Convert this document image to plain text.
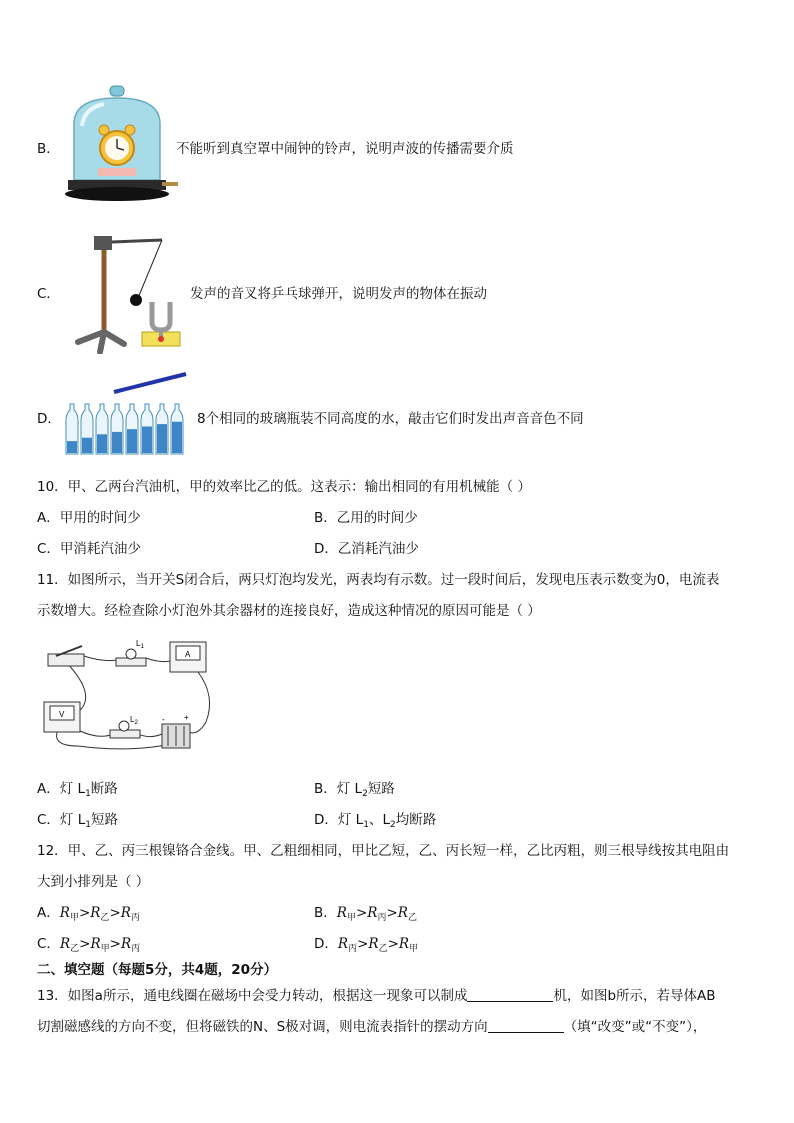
B．	不能听到真空罩中闹钟的铃声，说明声波的传播需要介质
C．	发声的音叉将乒乓球弹开，说明发声的物体在振动
D．	8个相同的玻璃瓶装不同高度的水，敲击它们时发出声音音色不同
10．甲、乙两台汽油机，甲的效率比乙的低。这表示：输出相同的有用机械能（ ）
A．甲用的时间少	B．乙用的时间少
C．甲消耗汽油少	D．乙消耗汽油少
11．如图所示，当开关S闭合后，两只灯泡均发光，两表均有示数。过一段时间后，发现电压表示数变为0，电流表
示数增大。经检查除小灯泡外其余器材的连接良好，造成这种情况的原因可能是（ ）
$L_1$
A
V
$L_2$	- +
A．灯 $L_1$断路	B．灯 $L_2$短路
C．灯 $L_1$短路	D．灯 $L_1$、$L_2$均断路
12．甲、乙、丙三根镍铬合金线。甲、乙粗细相同，甲比乙短，乙、丙长短一样，乙比丙粗，则三根导线按其电阻由
大到小排列是（ ）
A．$R_甲>R_乙>R_丙$	B．$R_甲>R_丙>R_乙$
C．$R_乙>R_甲>R_丙$	D．$R_丙>R_乙>R_甲$
二、填空题（每题5分，共4题，20分）
13．如图a所示，通电线圈在磁场中会受力转动，根据这一现象可以制成	机，如图b所示，若导体AB
切割磁感线的方向不变，但将磁铁的N、S极对调，则电流表指针的摆动方向	（填“改变”或“不变”），
